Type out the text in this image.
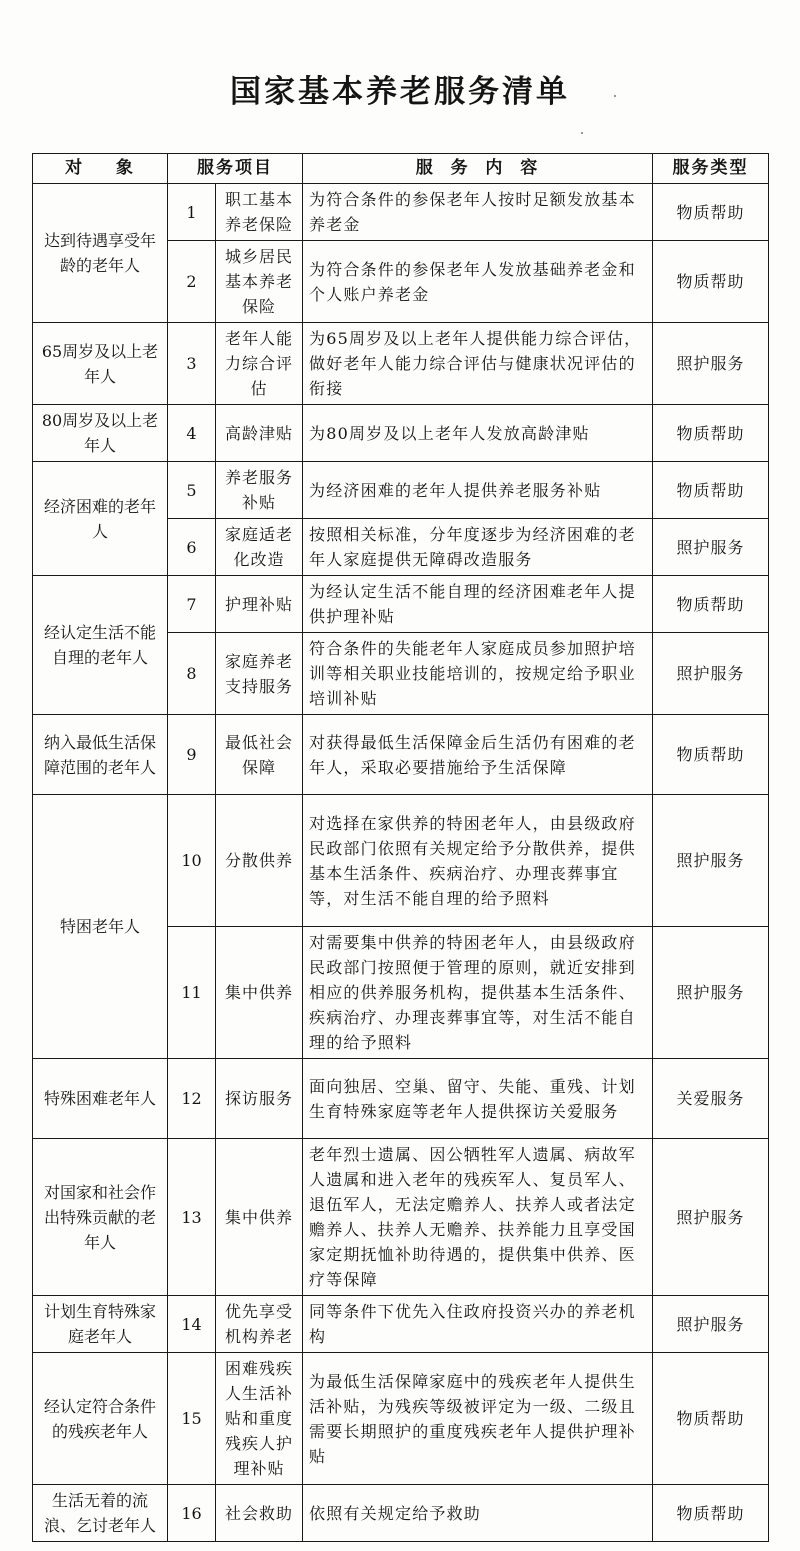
国家基本养老服务清单
对    象	服务项目		服  务  内  容	服务类型
达到待遇享受年龄的老年人	1	职工基本养老保险	为符合条件的参保老年人按时足额发放基本养老金	物质帮助
	2	城乡居民基本养老保险	为符合条件的参保老年人发放基础养老金和个人账户养老金	物质帮助
65周岁及以上老年人	3	老年人能力综合评估	为65周岁及以上老年人提供能力综合评估，做好老年人能力综合评估与健康状况评估的衔接	照护服务
80周岁及以上老年人	4	高龄津贴	为80周岁及以上老年人发放高龄津贴	物质帮助
经济困难的老年人	5	养老服务补贴	为经济困难的老年人提供养老服务补贴	物质帮助
	6	家庭适老化改造	按照相关标准，分年度逐步为经济困难的老年人家庭提供无障碍改造服务	照护服务
经认定生活不能自理的老年人	7	护理补贴	为经认定生活不能自理的经济困难老年人提供护理补贴	物质帮助
	8	家庭养老支持服务	符合条件的失能老年人家庭成员参加照护培训等相关职业技能培训的，按规定给予职业培训补贴	照护服务
纳入最低生活保障范围的老年人	9	最低社会保障	对获得最低生活保障金后生活仍有困难的老年人，采取必要措施给予生活保障	物质帮助
特困老年人	10	分散供养	对选择在家供养的特困老年人，由县级政府民政部门依照有关规定给予分散供养，提供基本生活条件、疾病治疗、办理丧葬事宜等，对生活不能自理的给予照料	照护服务
	11	集中供养	对需要集中供养的特困老年人，由县级政府民政部门按照便于管理的原则，就近安排到相应的供养服务机构，提供基本生活条件、疾病治疗、办理丧葬事宜等，对生活不能自理的给予照料	照护服务
特殊困难老年人	12	探访服务	面向独居、空巢、留守、失能、重残、计划生育特殊家庭等老年人提供探访关爱服务	关爱服务
对国家和社会作出特殊贡献的老年人	13	集中供养	老年烈士遗属、因公牺牲军人遗属、病故军人遗属和进入老年的残疾军人、复员军人、退伍军人，无法定赡养人、扶养人或者法定赡养人、扶养人无赡养、扶养能力且享受国家定期抚恤补助待遇的，提供集中供养、医疗等保障	照护服务
计划生育特殊家庭老年人	14	优先享受机构养老	同等条件下优先入住政府投资兴办的养老机构	照护服务
经认定符合条件的残疾老年人	15	困难残疾人生活补贴和重度残疾人护理补贴	为最低生活保障家庭中的残疾老年人提供生活补贴，为残疾等级被评定为一级、二级且需要长期照护的重度残疾老年人提供护理补贴	物质帮助
生活无着的流浪、乞讨老年人	16	社会救助	依照有关规定给予救助	物质帮助
